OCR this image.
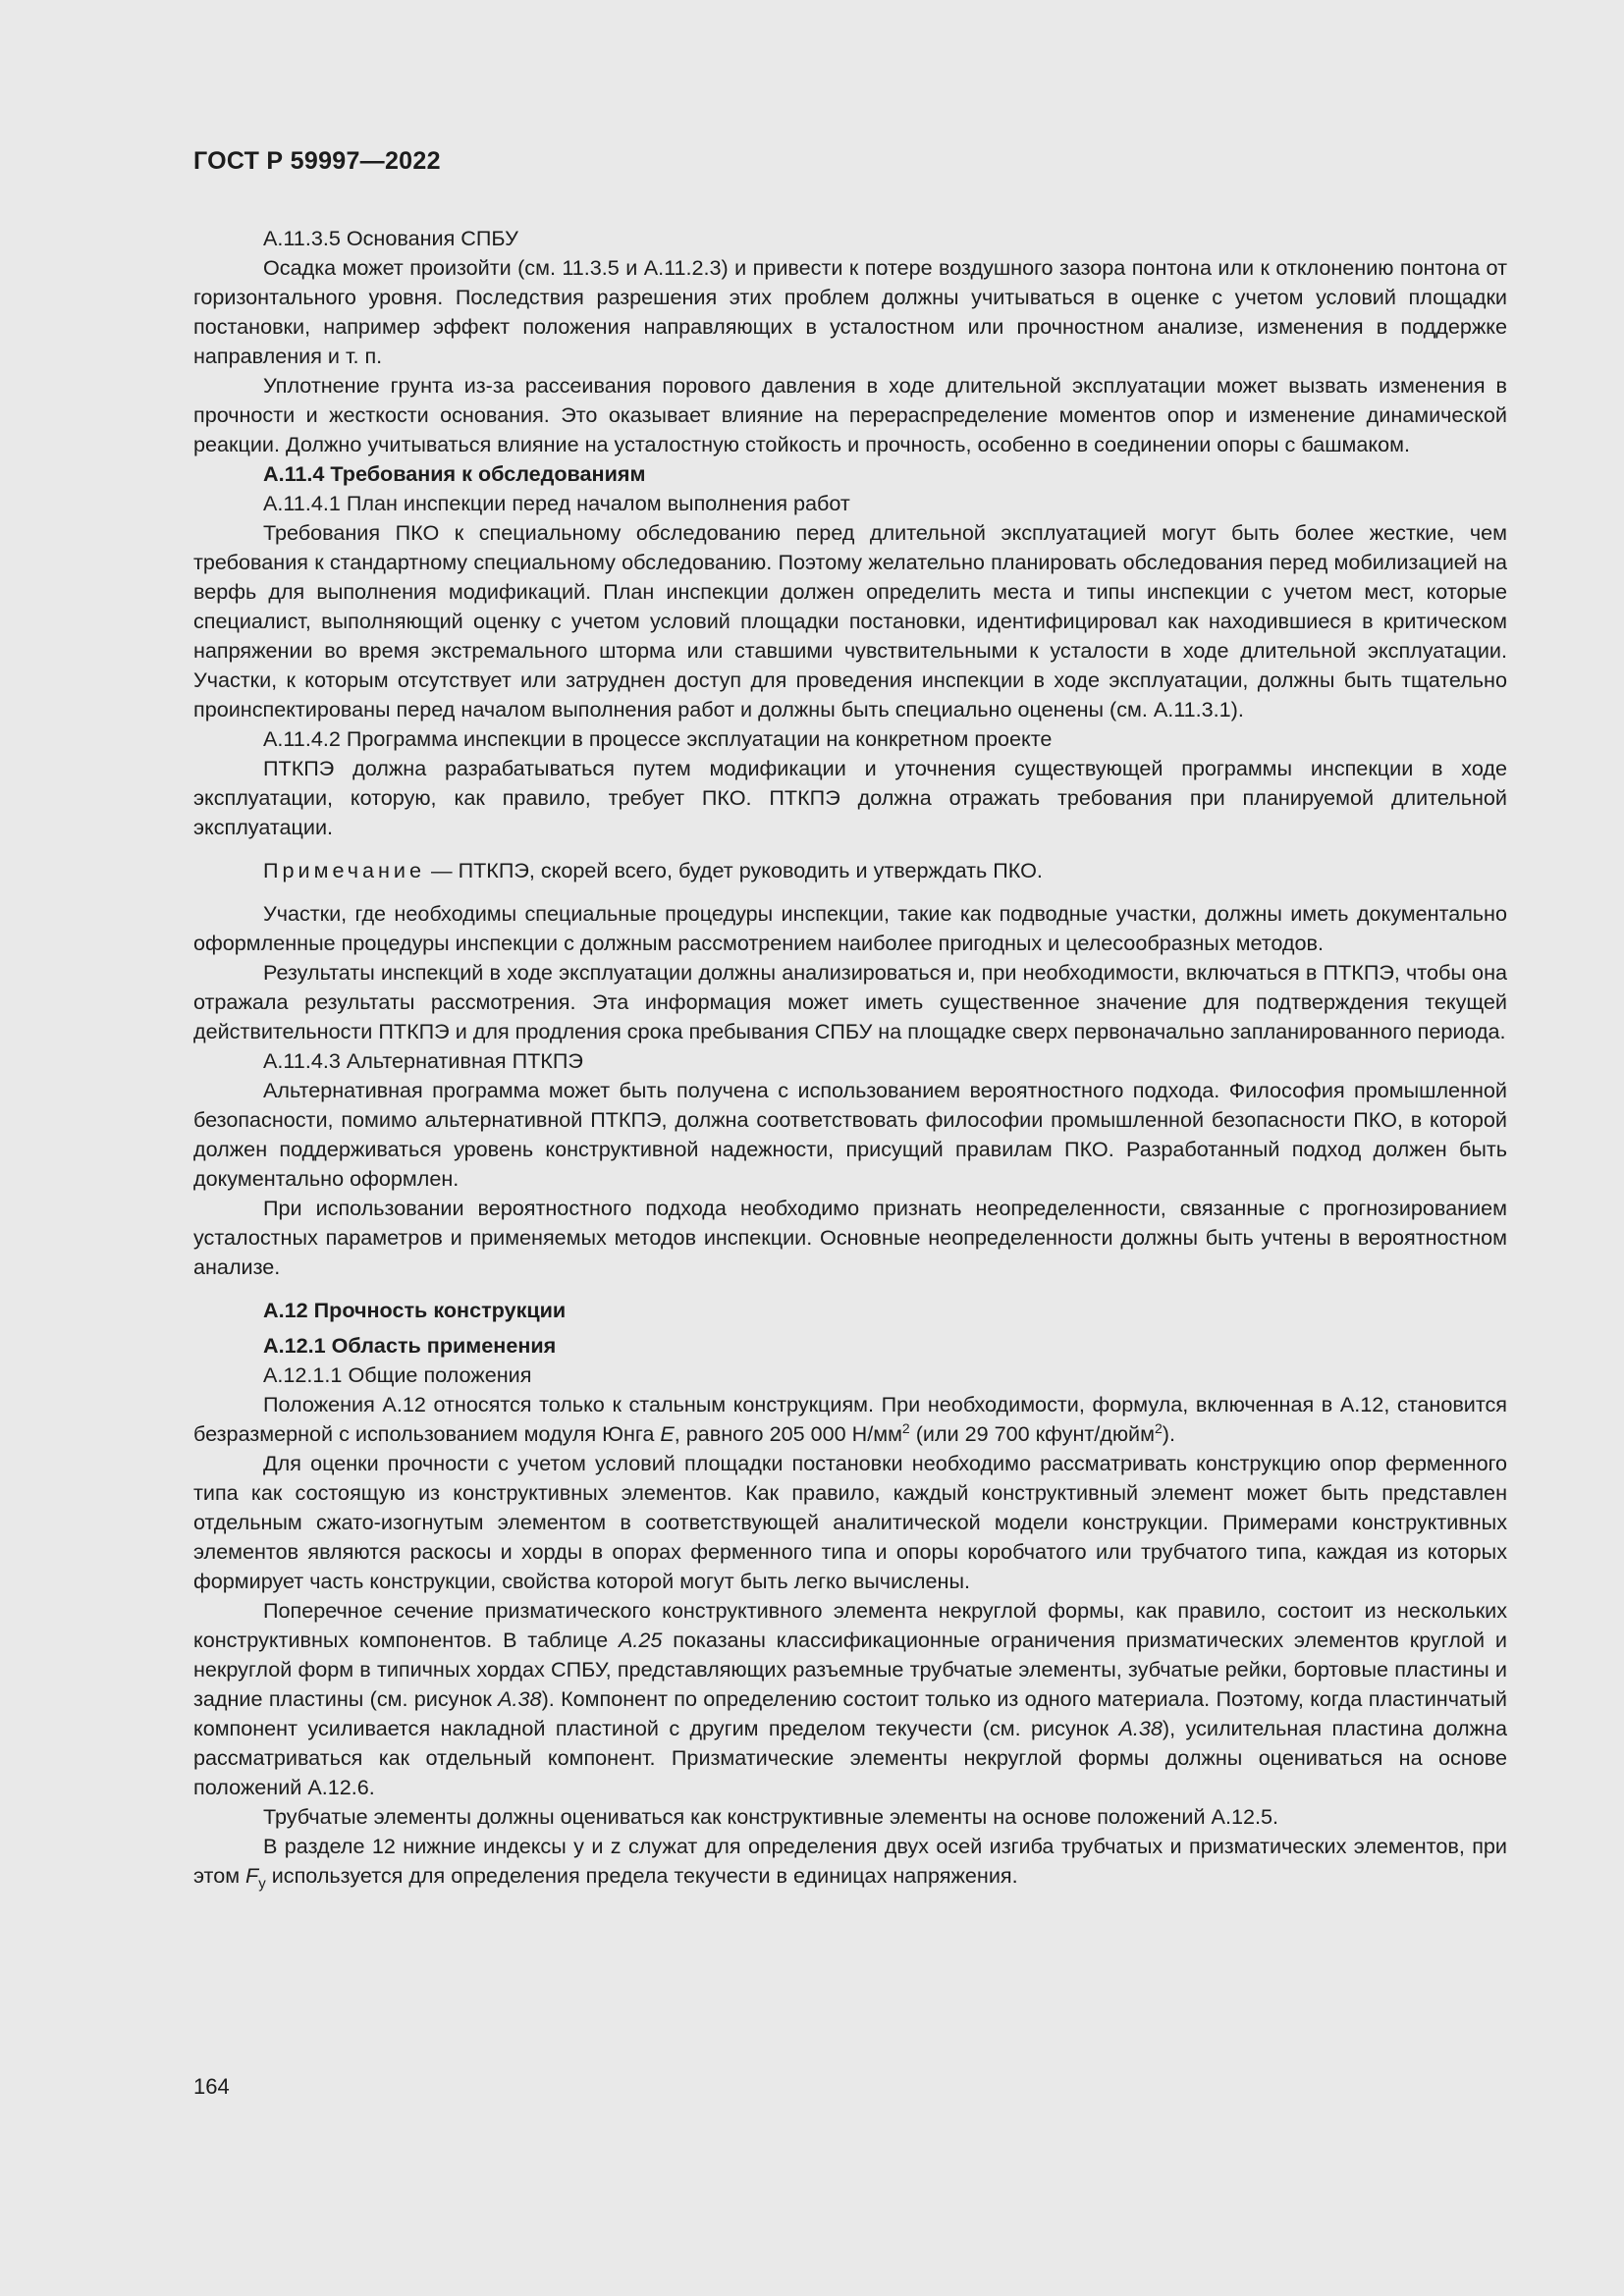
ГОСТ Р 59997—2022

А.11.3.5 Основания СПБУ

Осадка может произойти (см. 11.3.5 и А.11.2.3) и привести к потере воздушного зазора понтона или к отклонению понтона от горизонтального уровня. Последствия разрешения этих проблем должны учитываться в оценке с учетом условий площадки постановки, например эффект положения направляющих в усталостном или прочностном анализе, изменения в поддержке направления и т. п.

Уплотнение грунта из-за рассеивания порового давления в ходе длительной эксплуатации может вызвать изменения в прочности и жесткости основания. Это оказывает влияние на перераспределение моментов опор и изменение динамической реакции. Должно учитываться влияние на усталостную стойкость и прочность, особенно в соединении опоры с башмаком.

А.11.4 Требования к обследованиям

А.11.4.1 План инспекции перед началом выполнения работ

Требования ПКО к специальному обследованию перед длительной эксплуатацией могут быть более жесткие, чем требования к стандартному специальному обследованию. Поэтому желательно планировать обследования перед мобилизацией на верфь для выполнения модификаций. План инспекции должен определить места и типы инспекции с учетом мест, которые специалист, выполняющий оценку с учетом условий площадки постановки, идентифицировал как находившиеся в критическом напряжении во время экстремального шторма или ставшими чувствительными к усталости в ходе длительной эксплуатации. Участки, к которым отсутствует или затруднен доступ для проведения инспекции в ходе эксплуатации, должны быть тщательно проинспектированы перед началом выполнения работ и должны быть специально оценены (см. А.11.3.1).

А.11.4.2 Программа инспекции в процессе эксплуатации на конкретном проекте

ПТКПЭ должна разрабатываться путем модификации и уточнения существующей программы инспекции в ходе эксплуатации, которую, как правило, требует ПКО. ПТКПЭ должна отражать требования при планируемой длительной эксплуатации.

Примечание — ПТКПЭ, скорей всего, будет руководить и утверждать ПКО.

Участки, где необходимы специальные процедуры инспекции, такие как подводные участки, должны иметь документально оформленные процедуры инспекции с должным рассмотрением наиболее пригодных и целесообразных методов.

Результаты инспекций в ходе эксплуатации должны анализироваться и, при необходимости, включаться в ПТКПЭ, чтобы она отражала результаты рассмотрения. Эта информация может иметь существенное значение для подтверждения текущей действительности ПТКПЭ и для продления срока пребывания СПБУ на площадке сверх первоначально запланированного периода.

А.11.4.3 Альтернативная ПТКПЭ

Альтернативная программа может быть получена с использованием вероятностного подхода. Философия промышленной безопасности, помимо альтернативной ПТКПЭ, должна соответствовать философии промышленной безопасности ПКО, в которой должен поддерживаться уровень конструктивной надежности, присущий правилам ПКО. Разработанный подход должен быть документально оформлен.

При использовании вероятностного подхода необходимо признать неопределенности, связанные с прогнозированием усталостных параметров и применяемых методов инспекции. Основные неопределенности должны быть учтены в вероятностном анализе.

А.12 Прочность конструкции

А.12.1 Область применения

А.12.1.1 Общие положения

Положения А.12 относятся только к стальным конструкциям. При необходимости, формула, включенная в А.12, становится безразмерной с использованием модуля Юнга E, равного 205 000 $Н/мм^2$ (или 29 700 кфунт/дюйм$^2$).

Для оценки прочности с учетом условий площадки постановки необходимо рассматривать конструкцию опор ферменного типа как состоящую из конструктивных элементов. Как правило, каждый конструктивный элемент может быть представлен отдельным сжато-изогнутым элементом в соответствующей аналитической модели конструкции. Примерами конструктивных элементов являются раскосы и хорды в опорах ферменного типа и опоры коробчатого или трубчатого типа, каждая из которых формирует часть конструкции, свойства которой могут быть легко вычислены.

Поперечное сечение призматического конструктивного элемента некруглой формы, как правило, состоит из нескольких конструктивных компонентов. В таблице А.25 показаны классификационные ограничения призматических элементов круглой и некруглой форм в типичных хордах СПБУ, представляющих разъемные трубчатые элементы, зубчатые рейки, бортовые пластины и задние пластины (см. рисунок А.38). Компонент по определению состоит только из одного материала. Поэтому, когда пластинчатый компонент усиливается накладной пластиной с другим пределом текучести (см. рисунок А.38), усилительная пластина должна рассматриваться как отдельный компонент. Призматические элементы некруглой формы должны оцениваться на основе положений А.12.6.

Трубчатые элементы должны оцениваться как конструктивные элементы на основе положений А.12.5.

В разделе 12 нижние индексы y и z служат для определения двух осей изгиба трубчатых и призматических элементов, при этом $F_y$ используется для определения предела текучести в единицах напряжения.

164
